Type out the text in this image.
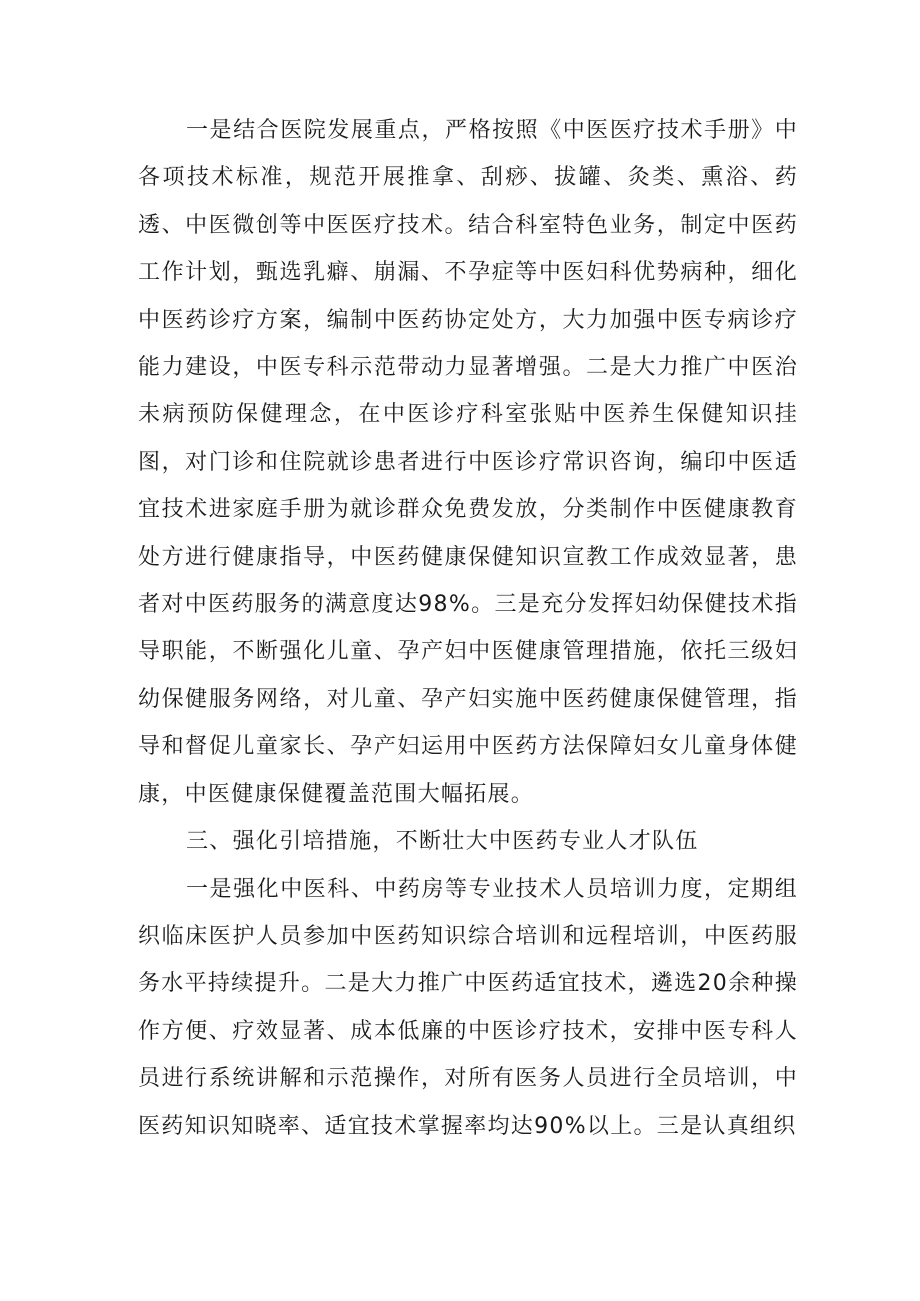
一是结合医院发展重点，严格按照《中医医疗技术手册》中各项技术标准，规范开展推拿、刮痧、拔罐、灸类、熏浴、药透、中医微创等中医医疗技术。结合科室特色业务，制定中医药工作计划，甄选乳癖、崩漏、不孕症等中医妇科优势病种，细化中医药诊疗方案，编制中医药协定处方，大力加强中医专病诊疗能力建设，中医专科示范带动力显著增强。二是大力推广中医治未病预防保健理念，在中医诊疗科室张贴中医养生保健知识挂图，对门诊和住院就诊患者进行中医诊疗常识咨询，编印中医适宜技术进家庭手册为就诊群众免费发放，分类制作中医健康教育处方进行健康指导，中医药健康保健知识宣教工作成效显著，患者对中医药服务的满意度达98%。三是充分发挥妇幼保健技术指导职能，不断强化儿童、孕产妇中医健康管理措施，依托三级妇幼保健服务网络，对儿童、孕产妇实施中医药健康保健管理，指导和督促儿童家长、孕产妇运用中医药方法保障妇女儿童身体健康，中医健康保健覆盖范围大幅拓展。

三、强化引培措施，不断壮大中医药专业人才队伍

一是强化中医科、中药房等专业技术人员培训力度，定期组织临床医护人员参加中医药知识综合培训和远程培训，中医药服务水平持续提升。二是大力推广中医药适宜技术，遴选20余种操作方便、疗效显著、成本低廉的中医诊疗技术，安排中医专科人员进行系统讲解和示范操作，对所有医务人员进行全员培训，中医药知识知晓率、适宜技术掌握率均达90%以上。三是认真组织
